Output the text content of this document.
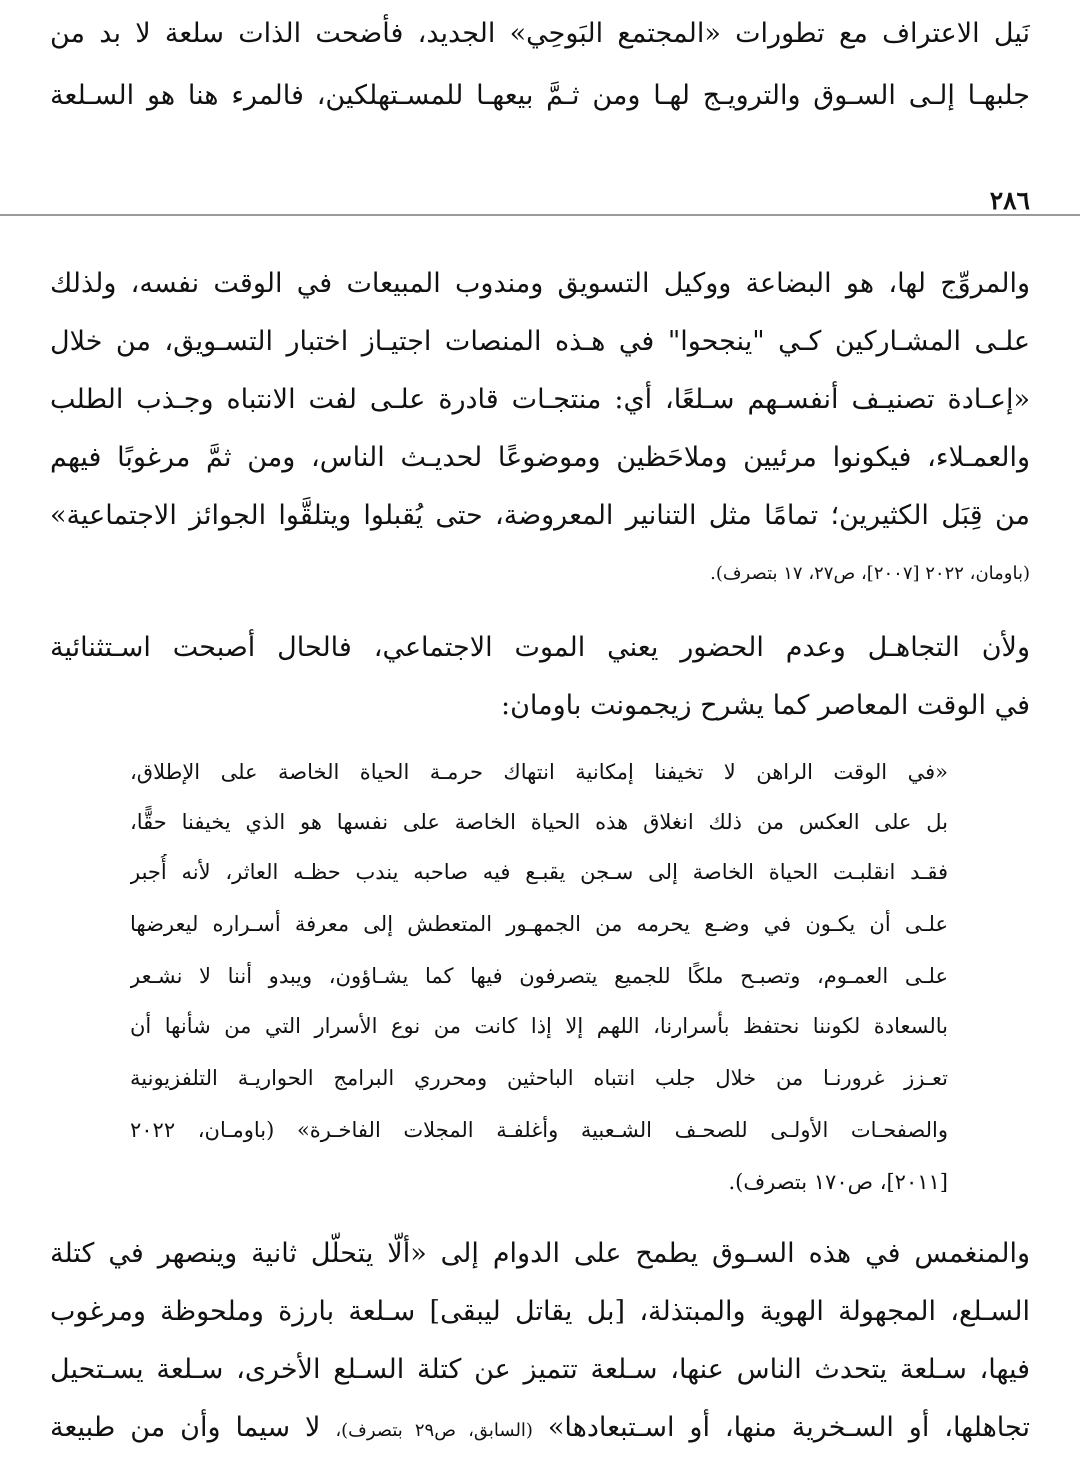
نَيل الاعتراف مع تطورات «المجتمع البَوحِي» الجديد، فأضحت الذات سلعة لا بد من
جلبهـا إلـى السـوق والترويـج لهـا ومن ثـمَّ بيعهـا للمسـتهلكين، فالمرء هنا هو السـلعة
٢٨٦
والمروِّج لها، هو البضاعة ووكيل التسويق ومندوب المبيعات في الوقت نفسه، ولذلك
علـى المشـاركين كـي "ينجحوا" في هـذه المنصات اجتيـاز اختبار التسـويق، من خلال
«إعـادة تصنيـف أنفسـهم سـلعًا، أي: منتجـات قادرة علـى لفت الانتباه وجـذب الطلب
والعمـلاء، فيكونوا مرئيين وملاحَظين وموضوعًا لحديـث الناس، ومن ثمَّ مرغوبًا فيهم
من قِبَل الكثيرين؛ تمامًا مثل التنانير المعروضة، حتى يُقبلوا ويتلقَّوا الجوائز الاجتماعية»
(باومان، ٢٠٢٢ [٢٠٠٧]، ص٢٧، ١٧ بتصرف).
ولأن التجاهـل وعدم الحضور يعني الموت الاجتماعي، فالحال أصبحت اسـتثنائية
في الوقت المعاصر كما يشرح زيجمونت باومان:
«في الوقت الراهن لا تخيفنا إمكانية انتهاك حرمـة الحياة الخاصة على الإطلاق،
بل على العكس من ذلك انغلاق هذه الحياة الخاصة على نفسها هو الذي يخيفنا حقًّا،
فقـد انقلبـت الحياة الخاصة إلى سـجن يقبـع فيه صاحبه يندب حظـه العاثر، لأنه أُجبر
علـى أن يكـون في وضـع يحرمه من الجمهـور المتعطش إلى معرفة أسـراره ليعرضها
علـى العمـوم، وتصبـح ملكًا للجميع يتصرفون فيها كما يشـاؤون، ويبدو أننا لا نشـعر
بالسعادة لكوننا نحتفظ بأسرارنا، اللهم إلا إذا كانت من نوع الأسرار التي من شأنها أن
تعـزز غرورنـا من خلال جلب انتباه الباحثين ومحرري البرامج الحواريـة التلفزيونية
والصفحـات الأولـى للصحـف الشـعبية وأغلفـة المجلات الفاخـرة» (باومـان، ٢٠٢٢
[٢٠١١]، ص١٧٠ بتصرف).
والمنغمس في هذه السـوق يطمح على الدوام إلى «ألَّا يتحلَّل ثانية وينصهر في كتلة
السـلع، المجهولة الهوية والمبتذلة، [بل يقاتل ليبقى] سـلعة بارزة وملحوظة ومرغوب
فيها، سـلعة يتحدث الناس عنها، سـلعة تتميز عن كتلة السـلع الأخرى، سـلعة يسـتحيل
تجاهلها، أو السـخرية منها، أو اسـتبعادها» (السابق، ص٢٩ بتصرف)، لا سيما وأن من طبيعة
